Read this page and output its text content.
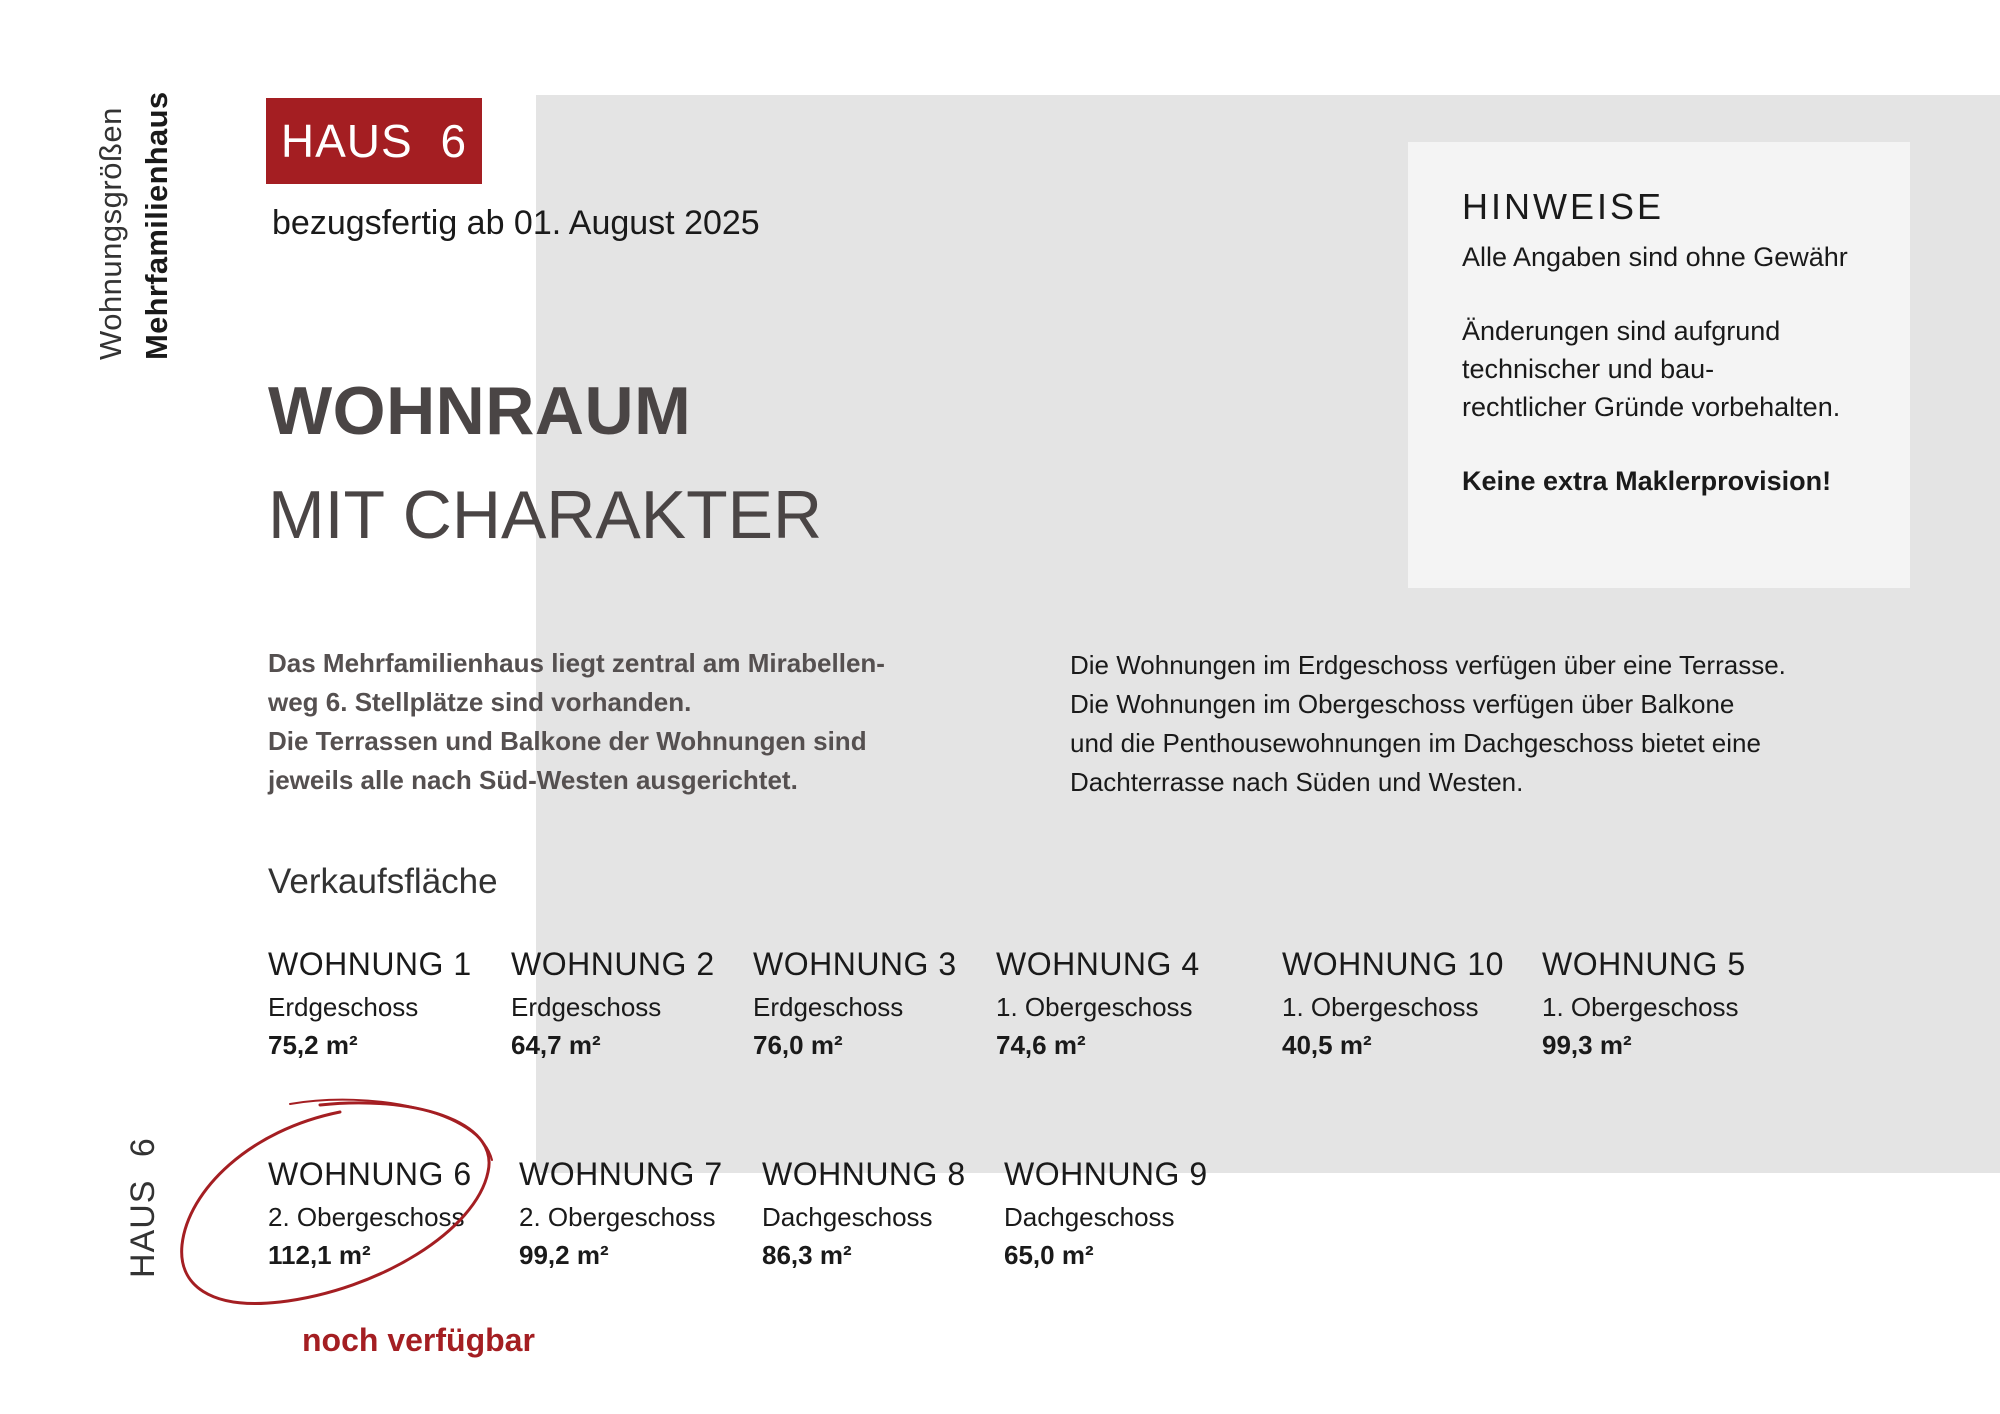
Wohnungsgrößen Mehrfamilienhaus	HAUS 6
bezugsfertig ab 01. August 2025
WOHNRAUM
MIT CHARAKTER
HINWEISE
Alle Angaben sind ohne Gewähr
Änderungen sind aufgrund
technischer und bau-
rechtlicher Gründe vorbehalten.
Keine extra Maklerprovision!
Das Mehrfamilienhaus liegt zentral am Mirabellen-
weg 6. Stellplätze sind vorhanden.
Die Terrassen und Balkone der Wohnungen sind
jeweils alle nach Süd-Westen ausgerichtet.
Die Wohnungen im Erdgeschoss verfügen über eine Terrasse.
Die Wohnungen im Obergeschoss verfügen über Balkone
und die Penthousewohnungen im Dachgeschoss bietet eine
Dachterrasse nach Süden und Westen.
Verkaufsfläche
WOHNUNG 1
Erdgeschoss
75,2 m²
WOHNUNG 2
Erdgeschoss
64,7 m²
WOHNUNG 3
Erdgeschoss
76,0 m²
WOHNUNG 4
1. Obergeschoss
74,6 m²
WOHNUNG 10
1. Obergeschoss
40,5 m²
WOHNUNG 5
1. Obergeschoss
99,3 m²
WOHNUNG 6
2. Obergeschoss
112,1 m²
WOHNUNG 7
2. Obergeschoss
99,2 m²
WOHNUNG 8
Dachgeschoss
86,3 m²
WOHNUNG 9
Dachgeschoss
65,0 m²
HAUS 6
noch verfügbar
